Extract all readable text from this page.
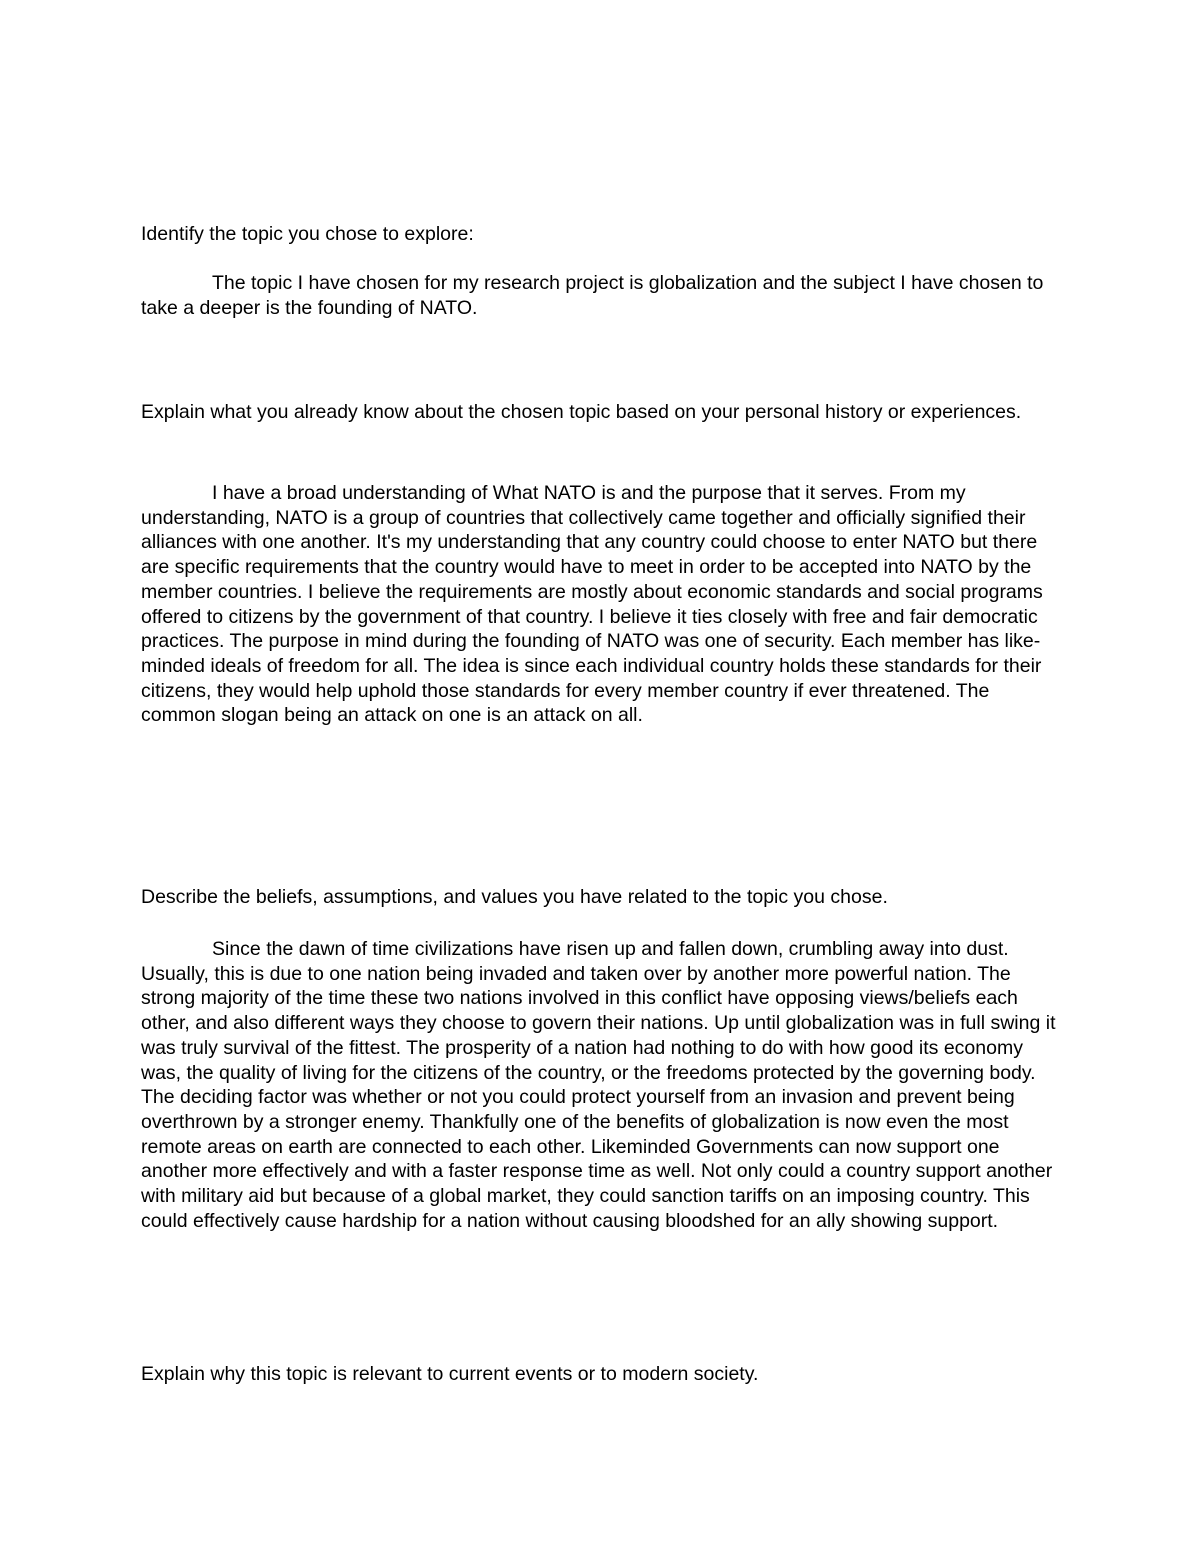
Identify the topic you chose to explore:

The topic I have chosen for my research project is globalization and the subject I have chosen to take a deeper is the founding of NATO.

Explain what you already know about the chosen topic based on your personal history or experiences.

I have a broad understanding of What NATO is and the purpose that it serves. From my understanding, NATO is a group of countries that collectively came together and officially signified their alliances with one another. It's my understanding that any country could choose to enter NATO but there are specific requirements that the country would have to meet in order to be accepted into NATO by the member countries. I believe the requirements are mostly about economic standards and social programs offered to citizens by the government of that country. I believe it ties closely with free and fair democratic practices. The purpose in mind during the founding of NATO was one of security. Each member has like-minded ideals of freedom for all. The idea is since each individual country holds these standards for their citizens, they would help uphold those standards for every member country if ever threatened. The common slogan being an attack on one is an attack on all.

Describe the beliefs, assumptions, and values you have related to the topic you chose.

Since the dawn of time civilizations have risen up and fallen down, crumbling away into dust. Usually, this is due to one nation being invaded and taken over by another more powerful nation. The strong majority of the time these two nations involved in this conflict have opposing views/beliefs each other, and also different ways they choose to govern their nations. Up until globalization was in full swing it was truly survival of the fittest. The prosperity of a nation had nothing to do with how good its economy was, the quality of living for the citizens of the country, or the freedoms protected by the governing body. The deciding factor was whether or not you could protect yourself from an invasion and prevent being overthrown by a stronger enemy. Thankfully one of the benefits of globalization is now even the most remote areas on earth are connected to each other. Likeminded Governments can now support one another more effectively and with a faster response time as well. Not only could a country support another with military aid but because of a global market, they could sanction tariffs on an imposing country. This could effectively cause hardship for a nation without causing bloodshed for an ally showing support.

Explain why this topic is relevant to current events or to modern society.
